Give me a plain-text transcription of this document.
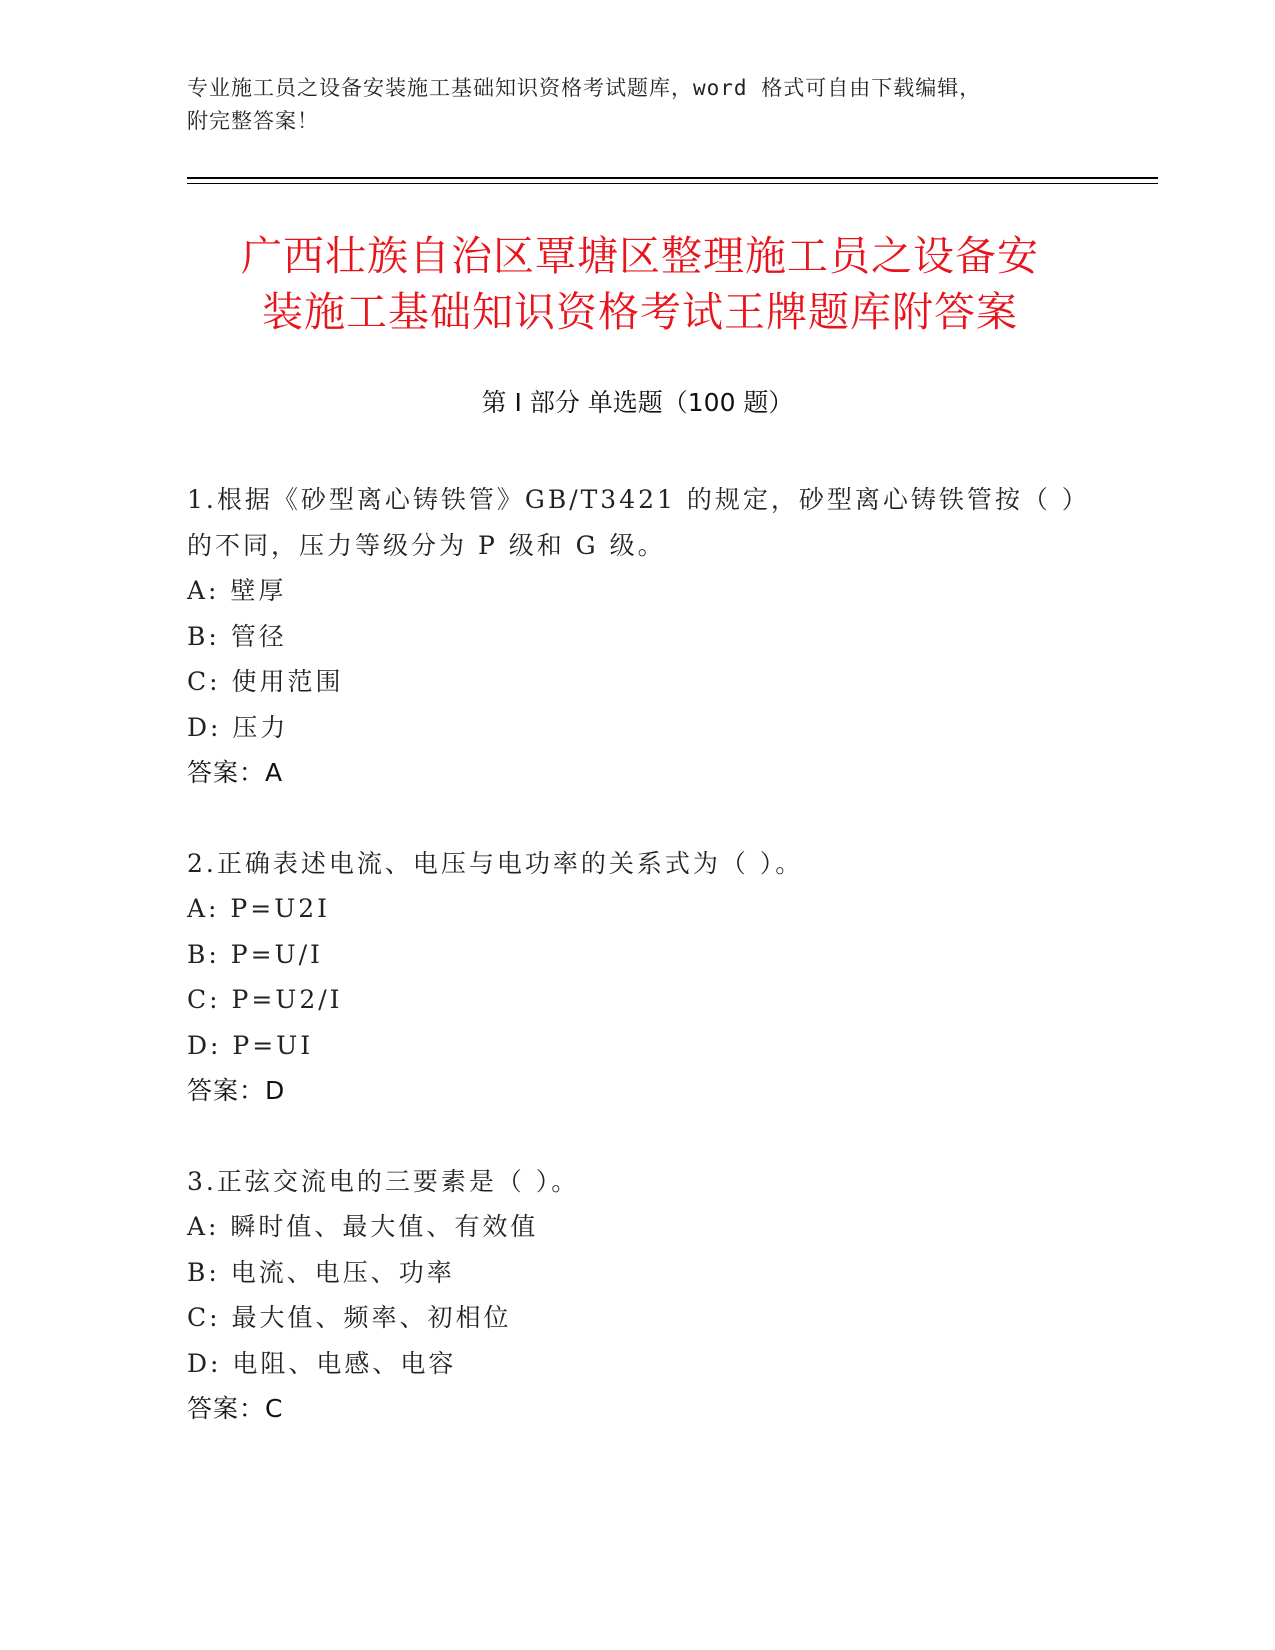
专业施工员之设备安装施工基础知识资格考试题库，word 格式可自由下载编辑，
附完整答案！
广西壮族自治区覃塘区整理施工员之设备安
装施工基础知识资格考试王牌题库附答案
第 I 部分 单选题（100 题）
1.根据《砂型离心铸铁管》GB/T3421 的规定，砂型离心铸铁管按（ ）
的不同，压力等级分为 P 级和 G 级。
A: 壁厚
B: 管径
C: 使用范围
D: 压力
答案：A
2.正确表述电流、电压与电功率的关系式为（ ）。
A: P=U2I
B: P=U/I
C: P=U2/I
D: P=UI
答案：D
3.正弦交流电的三要素是（ ）。
A: 瞬时值、最大值、有效值
B: 电流、电压、功率
C: 最大值、频率、初相位
D: 电阻、电感、电容
答案：C
